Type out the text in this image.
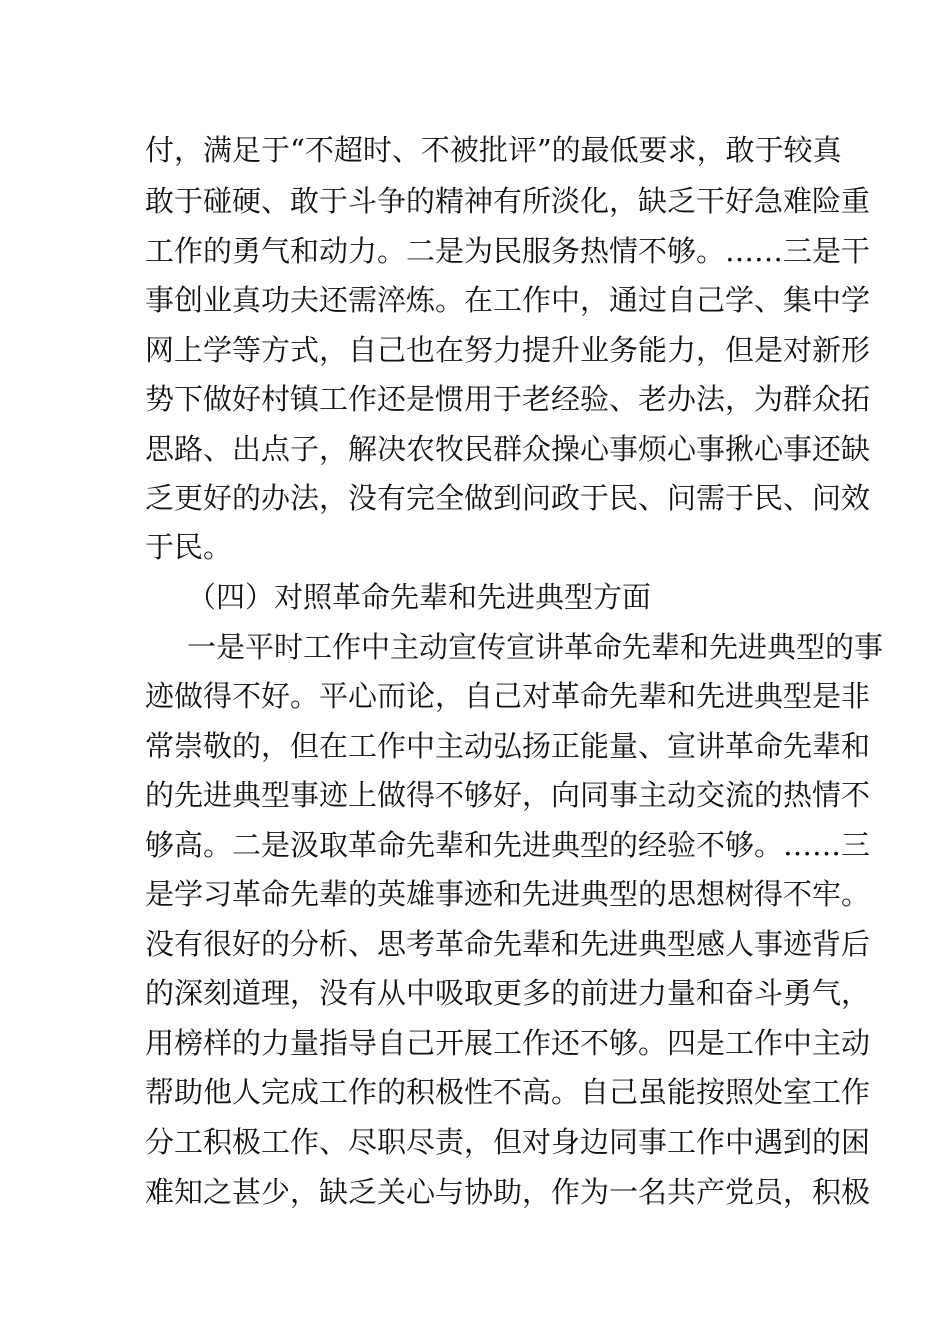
付，满足于“不超时、不被批评”的最低要求，敢于较真
敢于碰硬、敢于斗争的精神有所淡化，缺乏干好急难险重
工作的勇气和动力。二是为民服务热情不够。……三是干
事创业真功夫还需淬炼。在工作中，通过自己学、集中学
网上学等方式，自己也在努力提升业务能力，但是对新形
势下做好村镇工作还是惯用于老经验、老办法，为群众拓
思路、出点子，解决农牧民群众操心事烦心事揪心事还缺
乏更好的办法，没有完全做到问政于民、问需于民、问效
于民。
（四）对照革命先辈和先进典型方面
一是平时工作中主动宣传宣讲革命先辈和先进典型的事
迹做得不好。平心而论，自己对革命先辈和先进典型是非
常崇敬的，但在工作中主动弘扬正能量、宣讲革命先辈和
的先进典型事迹上做得不够好，向同事主动交流的热情不
够高。二是汲取革命先辈和先进典型的经验不够。……三
是学习革命先辈的英雄事迹和先进典型的思想树得不牢。
没有很好的分析、思考革命先辈和先进典型感人事迹背后
的深刻道理，没有从中吸取更多的前进力量和奋斗勇气，
用榜样的力量指导自己开展工作还不够。四是工作中主动
帮助他人完成工作的积极性不高。自己虽能按照处室工作
分工积极工作、尽职尽责，但对身边同事工作中遇到的困
难知之甚少，缺乏关心与协助，作为一名共产党员，积极
